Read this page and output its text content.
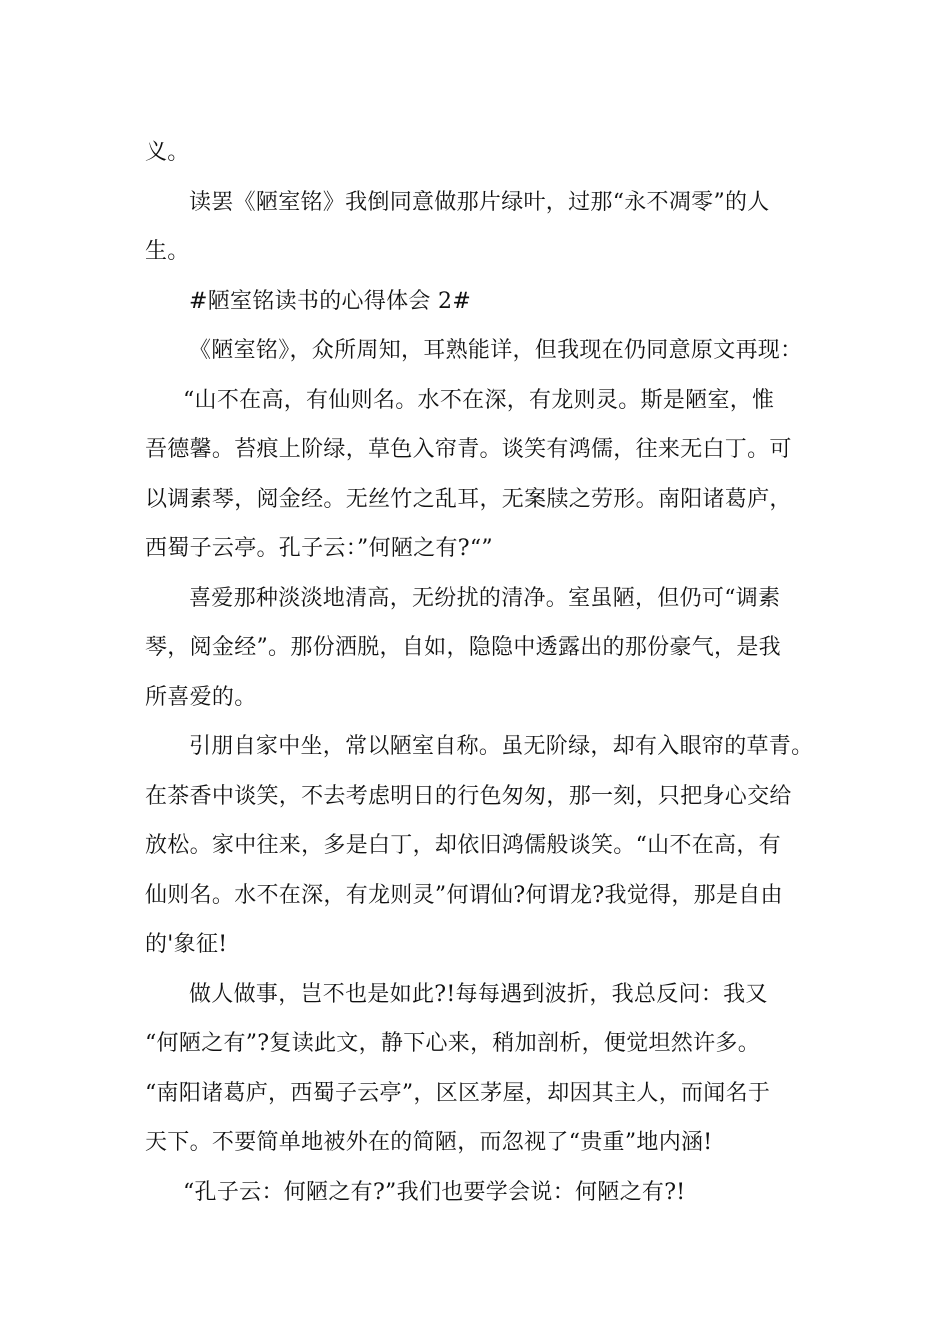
义。
读罢《陋室铭》我倒同意做那片绿叶，过那“永不凋零”的人
生。
#陋室铭读书的心得体会 2#
《陋室铭》，众所周知，耳熟能详，但我现在仍同意原文再现：
“山不在高，有仙则名。水不在深，有龙则灵。斯是陋室，惟
吾德馨。苔痕上阶绿，草色入帘青。谈笑有鸿儒，往来无白丁。可
以调素琴，阅金经。无丝竹之乱耳，无案牍之劳形。南阳诸葛庐，
西蜀子云亭。孔子云：”何陋之有?“”
喜爱那种淡淡地清高，无纷扰的清净。室虽陋，但仍可“调素
琴，阅金经”。那份洒脱，自如，隐隐中透露出的那份豪气，是我
所喜爱的。
引朋自家中坐，常以陋室自称。虽无阶绿，却有入眼帘的草青。
在茶香中谈笑，不去考虑明日的行色匆匆，那一刻，只把身心交给
放松。家中往来，多是白丁，却依旧鸿儒般谈笑。“山不在高，有
仙则名。水不在深，有龙则灵”何谓仙?何谓龙?我觉得，那是自由
的'象征!
做人做事，岂不也是如此?!每每遇到波折，我总反问：我又
“何陋之有”?复读此文，静下心来，稍加剖析，便觉坦然许多。
“南阳诸葛庐，西蜀子云亭”，区区茅屋，却因其主人，而闻名于
天下。不要简单地被外在的简陋，而忽视了“贵重”地内涵!
“孔子云：何陋之有?”我们也要学会说：何陋之有?!
